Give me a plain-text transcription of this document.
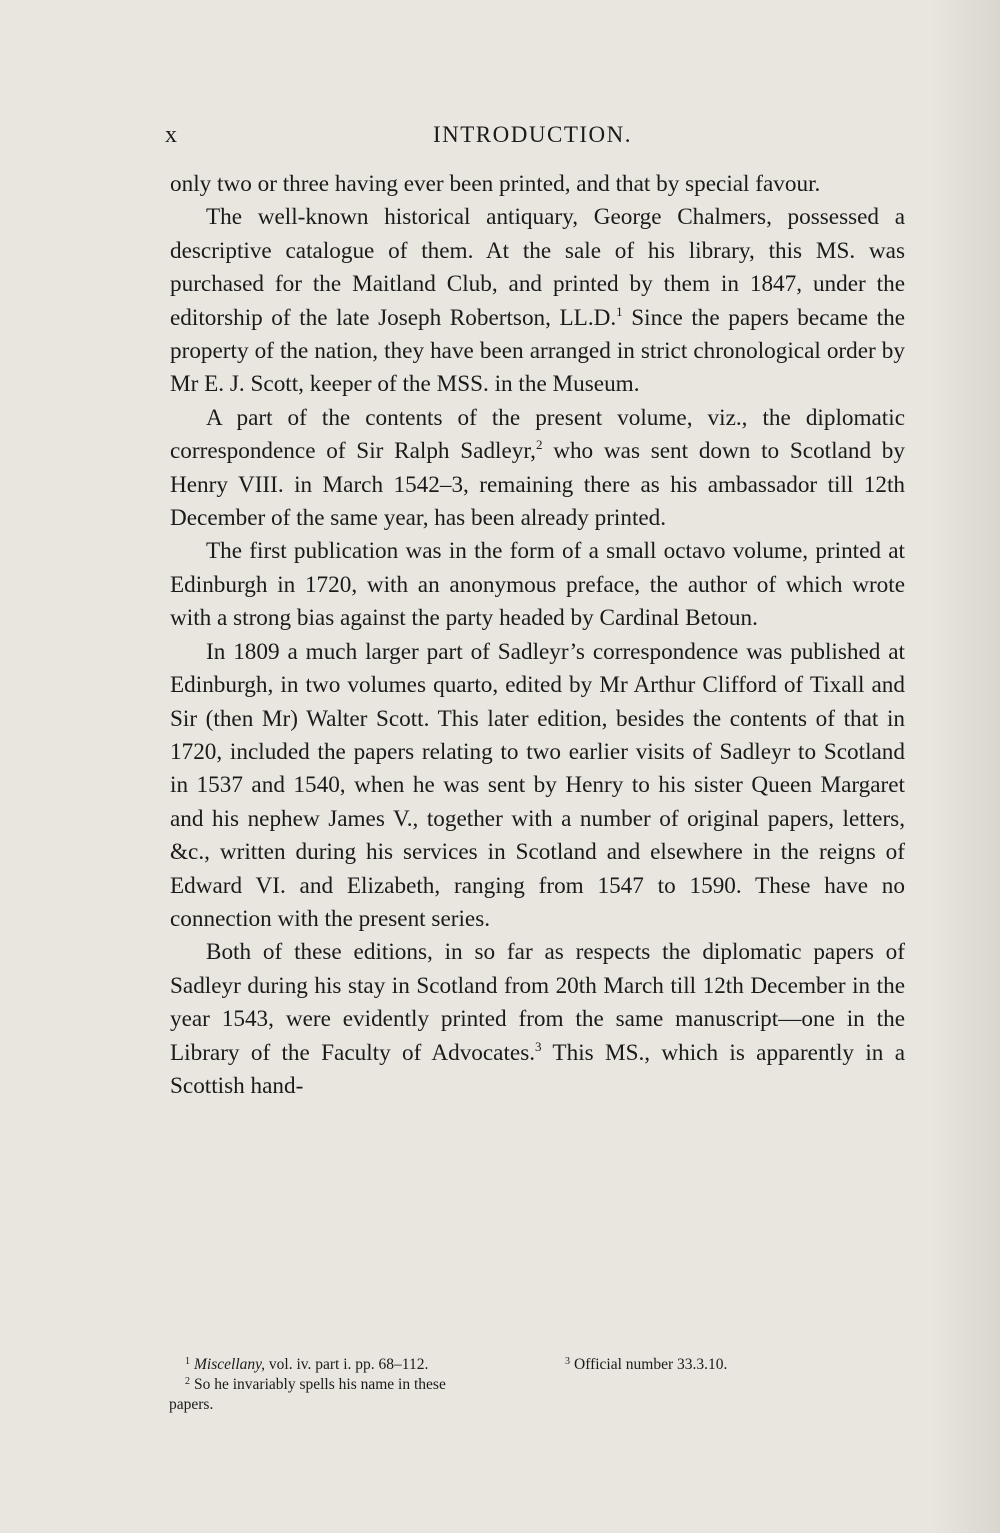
x	INTRODUCTION.

only two or three having ever been printed, and that by special favour.

The well-known historical antiquary, George Chalmers, possessed a descriptive catalogue of them. At the sale of his library, this MS. was purchased for the Maitland Club, and printed by them in 1847, under the editorship of the late Joseph Robertson, LL.D.$^1$ Since the papers became the property of the nation, they have been arranged in strict chronological order by Mr E. J. Scott, keeper of the MSS. in the Museum.

A part of the contents of the present volume, viz., the diplomatic correspondence of Sir Ralph Sadleyr,$^2$ who was sent down to Scotland by Henry VIII. in March 1542–3, remaining there as his ambassador till 12th December of the same year, has been already printed.

The first publication was in the form of a small octavo volume, printed at Edinburgh in 1720, with an anonymous preface, the author of which wrote with a strong bias against the party headed by Cardinal Betoun.

In 1809 a much larger part of Sadleyr’s correspondence was published at Edinburgh, in two volumes quarto, edited by Mr Arthur Clifford of Tixall and Sir (then Mr) Walter Scott. This later edition, besides the contents of that in 1720, included the papers relating to two earlier visits of Sadleyr to Scotland in 1537 and 1540, when he was sent by Henry to his sister Queen Margaret and his nephew James V., together with a number of original papers, letters, &c., written during his services in Scotland and elsewhere in the reigns of Edward VI. and Elizabeth, ranging from 1547 to 1590. These have no connection with the present series.

Both of these editions, in so far as respects the diplomatic papers of Sadleyr during his stay in Scotland from 20th March till 12th December in the year 1543, were evidently printed from the same manuscript—one in the Library of the Faculty of Advocates.$^3$ This MS., which is apparently in a Scottish hand-

$^1$ Miscellany, vol. iv. part i. pp. 68–112.

$^2$ So he invariably spells his name in these
papers.

$^3$ Official number 33.3.10.
